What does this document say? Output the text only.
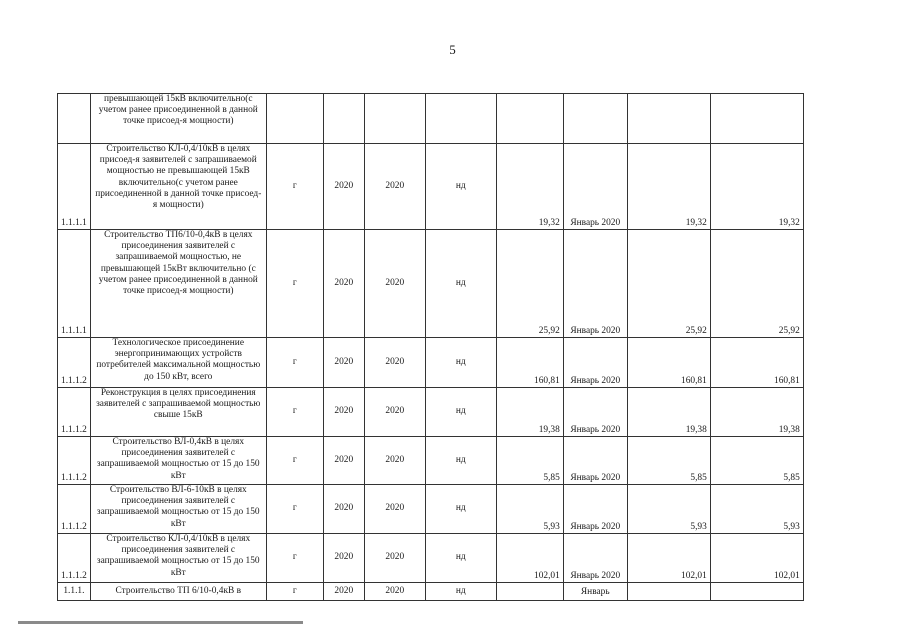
5
	превышающей 15кВ включительно(с учетом ранее присоединенной в данной точке присоед-я мощности)								
1.1.1.1	Строительство КЛ-0,4/10кВ в целях присоед-я заявителей с запрашиваемой мощностью не превышающей 15кВ включительно(с учетом ранее присоединенной в данной точке присоед-я мощности)	г	2020	2020	нд	19,32	Январь 2020	19,32	19,32
1.1.1.1	Строительство ТП6/10-0,4кВ в целях присоединения заявителей с запрашиваемой мощностью, не превышающей 15кВт включительно (с учетом ранее присоединенной в данной точке присоед-я мощности)	г	2020	2020	нд	25,92	Январь 2020	25,92	25,92
1.1.1.2	Технологическое присоединение энергопринимающих устройств потребителей максимальной мощностью до 150 кВт, всего	г	2020	2020	нд	160,81	Январь 2020	160,81	160,81
1.1.1.2	Реконструкция в целях присоединения заявителей с запрашиваемой мощностью свыше 15кВ	г	2020	2020	нд	19,38	Январь 2020	19,38	19,38
1.1.1.2	Строительство ВЛ-0,4кВ в целях присоединения заявителей с запрашиваемой мощностью от 15 до 150 кВт	г	2020	2020	нд	5,85	Январь 2020	5,85	5,85
1.1.1.2	Строительство ВЛ-6-10кВ в целях присоединения заявителей с запрашиваемой мощностью от 15 до 150 кВт	г	2020	2020	нд	5,93	Январь 2020	5,93	5,93
1.1.1.2	Строительство КЛ-0,4/10кВ в целях присоединения заявителей с запрашиваемой мощностью от 15 до 150 кВт	г	2020	2020	нд	102,01	Январь 2020	102,01	102,01
1.1.1.	Строительство ТП 6/10-0,4кВ в	г	2020	2020	нд		Январь		
